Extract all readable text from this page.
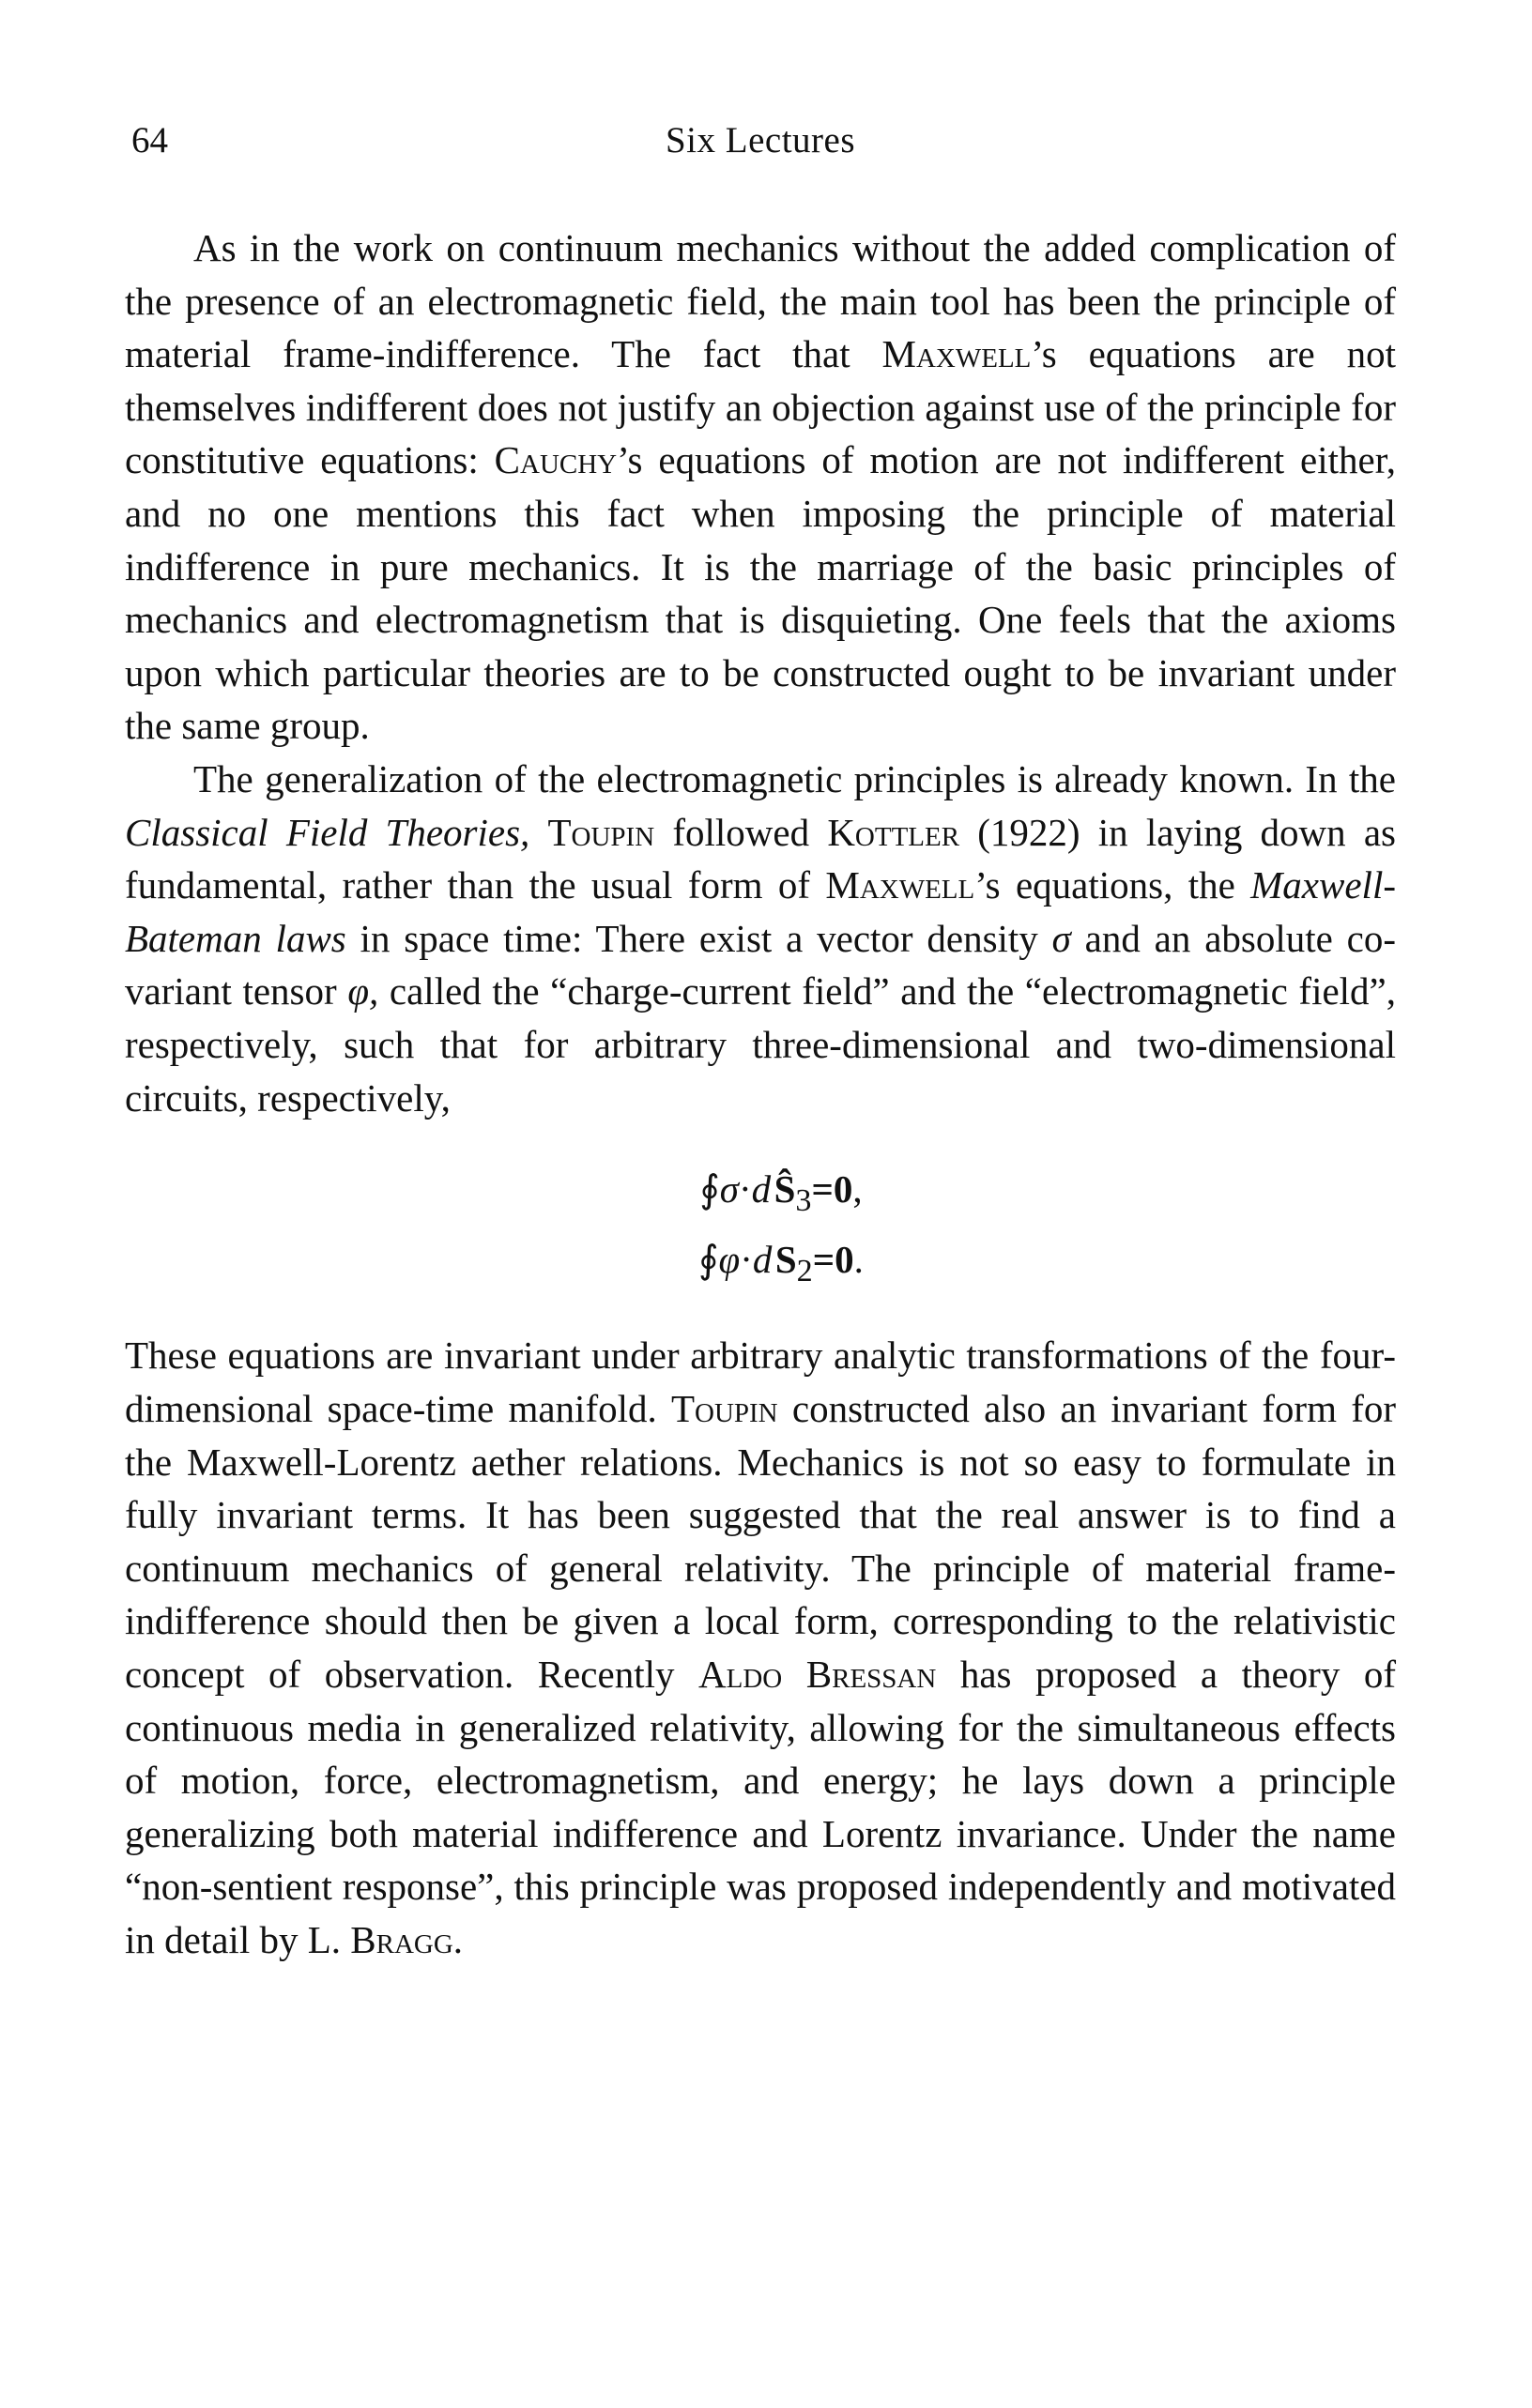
64	Six Lectures

As in the work on continuum mechanics without the added complication of the presence of an electromagnetic field, the main tool has been the principle of material frame-indifference. The fact that Maxwell’s equations are not themselves indifferent does not justify an objection against use of the principle for constitutive equations: Cauchy’s equations of motion are not indifferent either, and no one mentions this fact when imposing the principle of material indifference in pure mechanics. It is the marriage of the basic principles of mechanics and electromagnetism that is disquieting. One feels that the axioms upon which particular theories are to be constructed ought to be invariant under the same group.

The generalization of the electromagnetic principles is already known. In the Classical Field Theories, Toupin followed Kottler (1922) in laying down as fundamental, rather than the usual form of Maxwell’s equations, the Maxwell-Bateman laws in space time: There exist a vector density σ and an absolute covariant tensor φ, called the “charge-current field” and the “electromagnetic field”, respectively, such that for arbitrary three-dimensional and two-dimensional circuits, respectively,

∮σ·d $Ŝ_3=0$,
∮φ·d $S_2=0$.

These equations are invariant under arbitrary analytic transformations of the four-dimensional space-time manifold. Toupin constructed also an invariant form for the Maxwell-Lorentz aether relations. Mechanics is not so easy to formulate in fully invariant terms. It has been suggested that the real answer is to find a continuum mechanics of general relativity. The principle of material frame-indifference should then be given a local form, corresponding to the relativistic concept of observation. Recently Aldo Bressan has proposed a theory of continuous media in generalized relativity, allowing for the simultaneous effects of motion, force, electromagnetism, and energy; he lays down a principle generalizing both material indifference and Lorentz invariance. Under the name “non-sentient response”, this principle was proposed independently and motivated in detail by L. Bragg.
